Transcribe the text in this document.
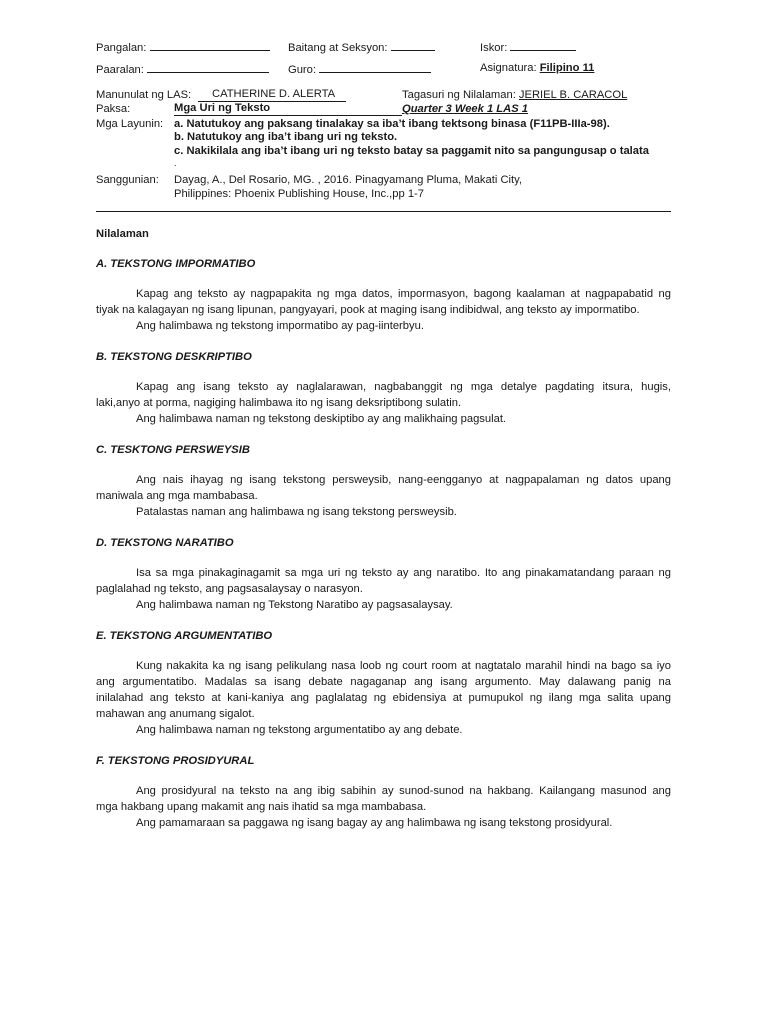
Pangalan:	Baitang at Seksyon:	Iskor:
Paaralan:	Guro:	Asignatura: Filipino 11
Manunulat ng LAS:	CATHERINE D. ALERTA	Tagasuri ng Nilalaman: JERIEL B. CARACOL
Paksa:	Mga Uri ng Teksto	Quarter 3 Week 1 LAS 1
Mga Layunin: a. Natutukoy ang paksang tinalakay sa iba’t ibang tektsong binasa (F11PB-IIIa-98).
b. Natutukoy ang iba’t ibang uri ng teksto.
c. Nakikilala ang iba’t ibang uri ng teksto batay sa paggamit nito sa pangungusap o talata
.
Sanggunian: Dayag, A., Del Rosario, MG. , 2016. Pinagyamang Pluma, Makati City,
Philippines: Phoenix Publishing House, Inc.,pp 1-7
Nilalaman
A. TEKSTONG IMPORMATIBO

Kapag ang teksto ay nagpapakita ng mga datos, impormasyon, bagong kaalaman at nagpapabatid ng

tiyak na kalagayan ng isang lipunan, pangyayari, pook at maging isang indibidwal, ang teksto ay impormatibo.

Ang halimbawa ng tekstong impormatibo ay pag-iinterbyu.

B. TEKSTONG DESKRIPTIBO

Kapag ang isang teksto ay naglalarawan, nagbabanggit ng mga detalye pagdating itsura, hugis,

laki,anyo at porma, nagiging halimbawa ito ng isang deksriptibong sulatin.

Ang halimbawa naman ng tekstong deskiptibo ay ang malikhaing pagsulat.

C. TESKTONG PERSWEYSIB

Ang nais ihayag ng isang tekstong persweysib, nang-eengganyo at nagpapalaman ng datos upang

maniwala ang mga mambabasa.

Patalastas naman ang halimbawa ng isang tekstong persweysib.

D. TEKSTONG NARATIBO

Isa sa mga pinakaginagamit sa mga uri ng teksto ay ang naratibo. Ito ang pinakamatandang paraan ng

paglalahad ng teksto, ang pagsasalaysay o narasyon.

Ang halimbawa naman ng Tekstong Naratibo ay pagsasalaysay.

E. TEKSTONG ARGUMENTATIBO

Kung nakakita ka ng isang pelikulang nasa loob ng court room at nagtatalo marahil hindi na bago sa iyo

ang argumentatibo. Madalas sa isang debate nagaganap ang isang argumento. May dalawang panig na

inilalahad ang teksto at kani-kaniya ang paglalatag ng ebidensiya at pumupukol ng ilang mga salita upang

mahawan ang anumang sigalot.

Ang halimbawa naman ng tekstong argumentatibo ay ang debate.

F. TEKSTONG PROSIDYURAL

Ang prosidyural na teksto na ang ibig sabihin ay sunod-sunod na hakbang. Kailangang masunod ang

mga hakbang upang makamit ang nais ihatid sa mga mambabasa.

Ang pamamaraan sa paggawa ng isang bagay ay ang halimbawa ng isang tekstong prosidyural.
